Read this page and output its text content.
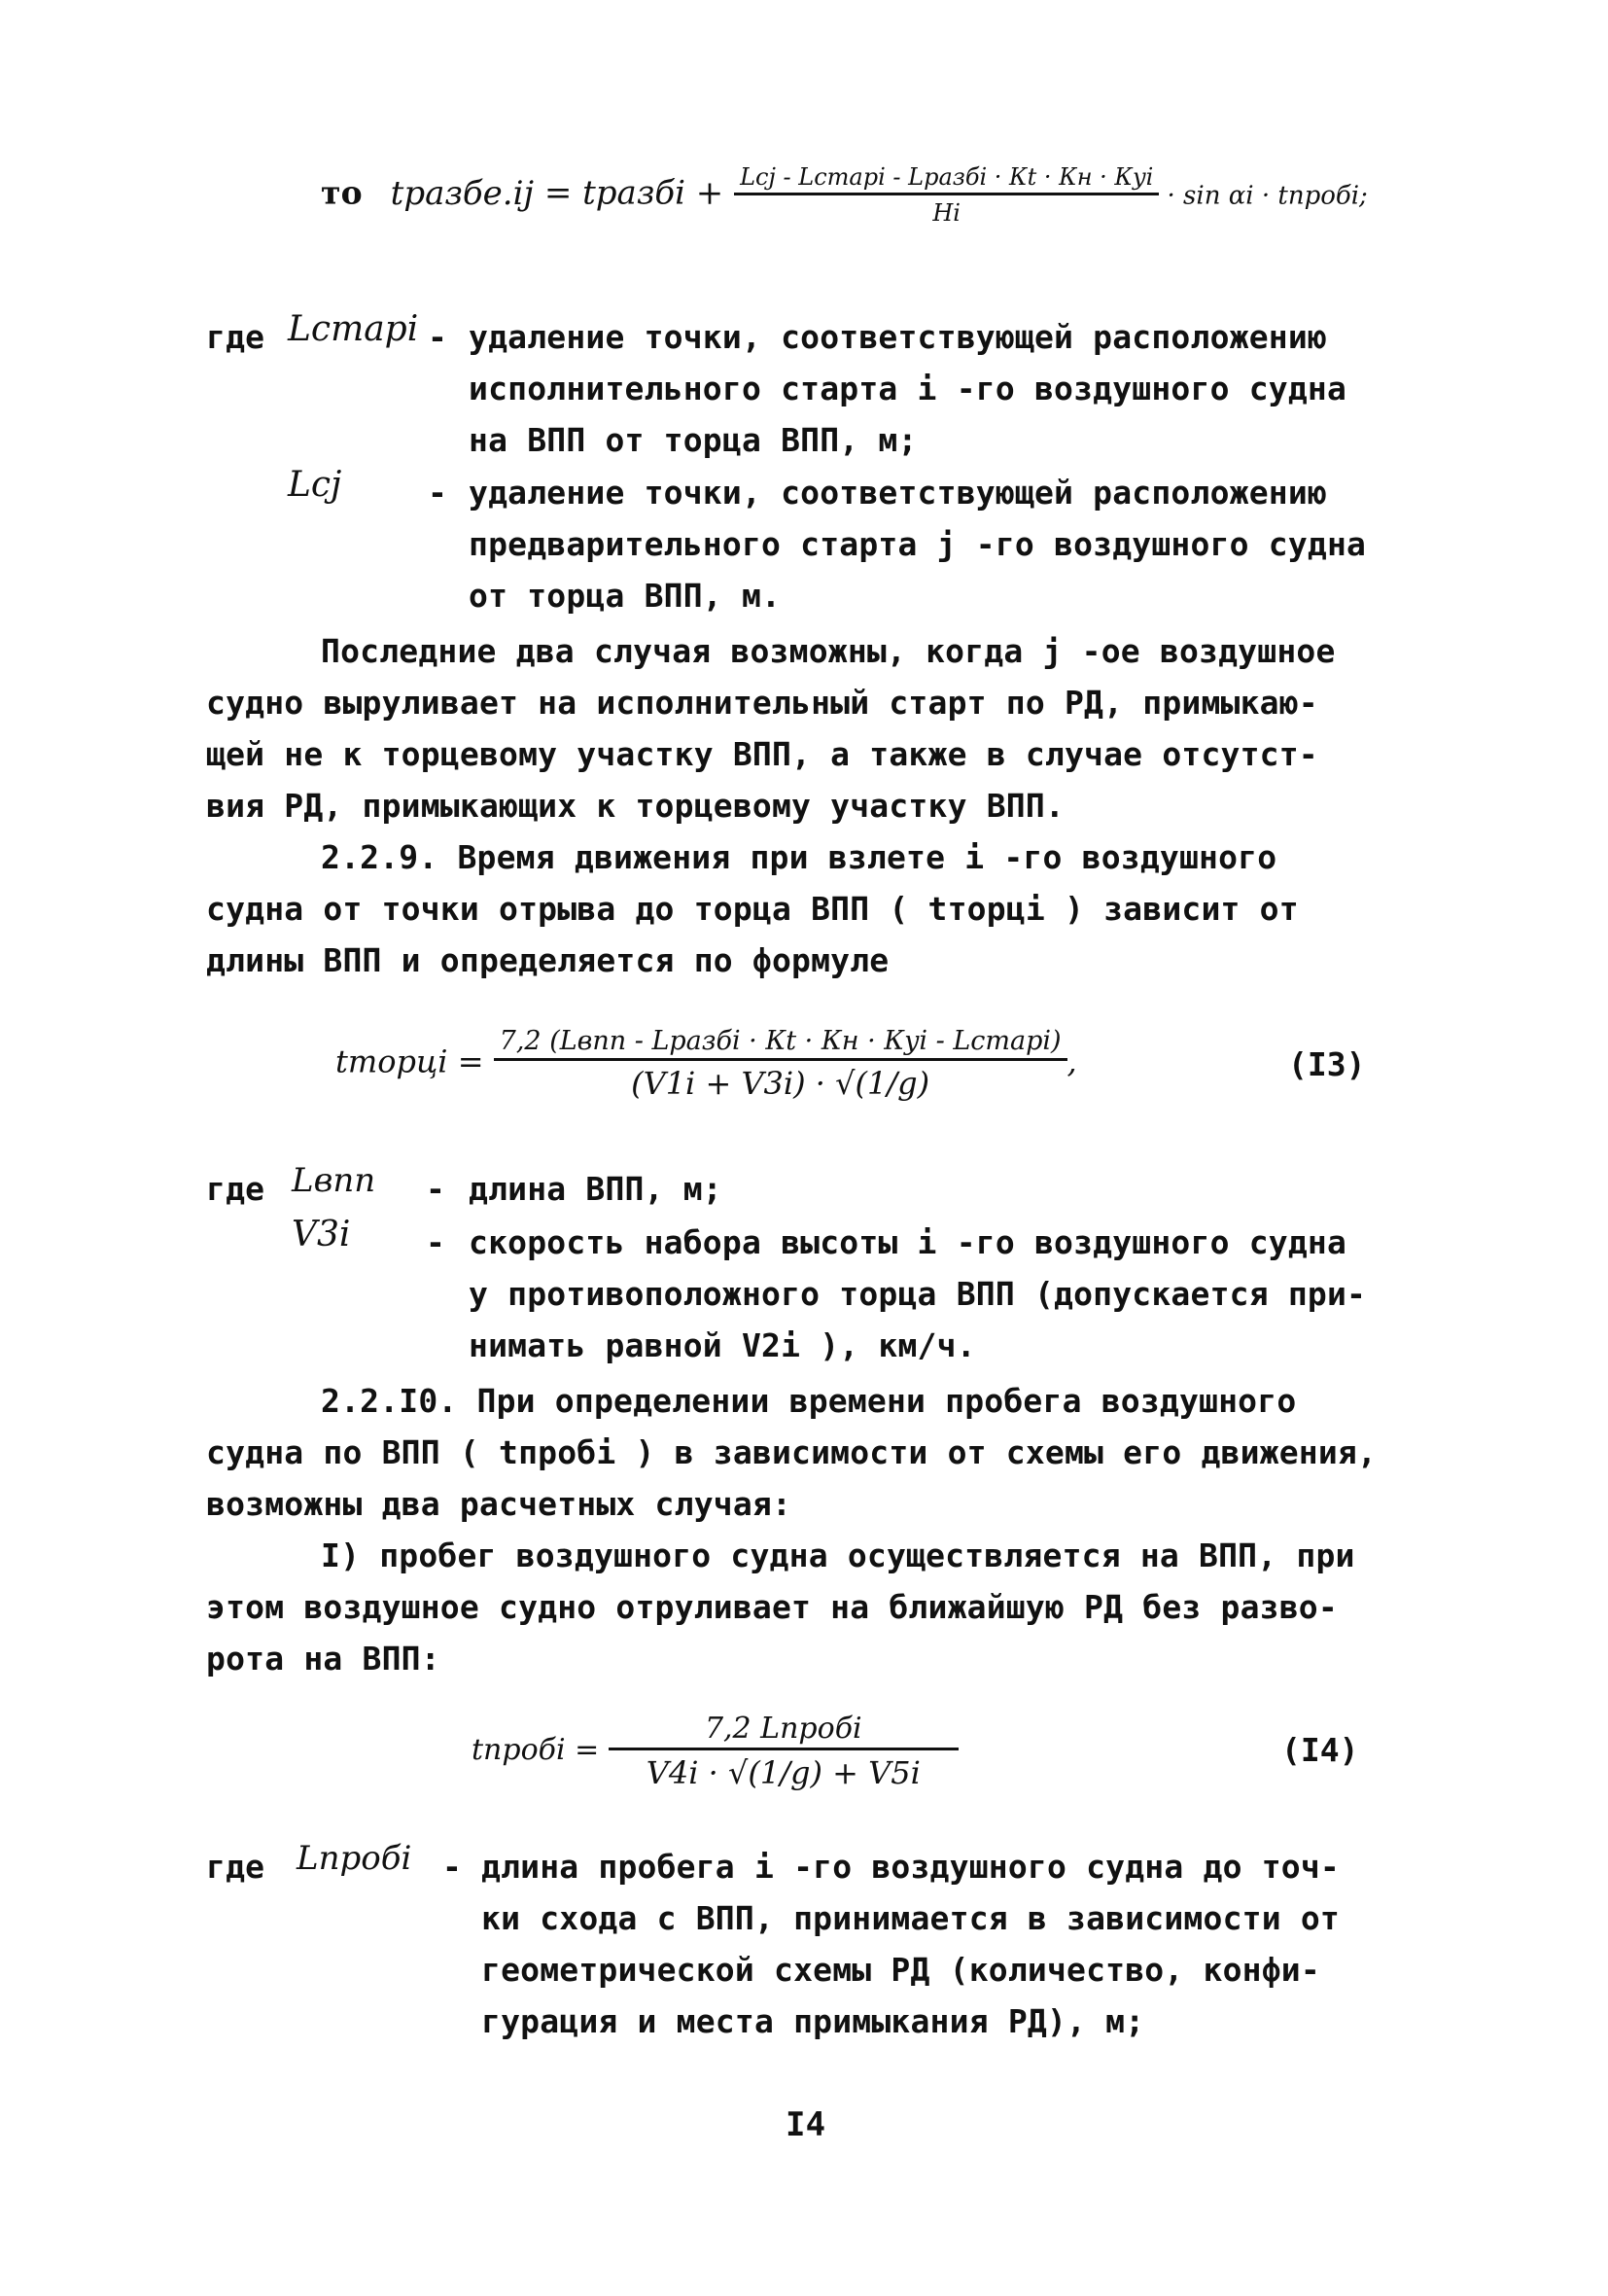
то tразбе.ij = tразбi + $\frac{\text{Lcj - Lстарi - Lразбi · Кt · Кн · Кyi}}{Hi} \cdot \sin \alpha i$ · tпробi;
где Lстарi - удаление точки, соответствующей расположению
исполнительного старта i -го воздушного судна
на ВПП от торца ВПП, м;
Lcj	- удаление точки, соответствующей расположению
предварительного старта j -го воздушного судна
от торца ВПП, м.
Последние два случая возможны, когда j -ое воздушное
судно выруливает на исполнительный старт по РД, примыкаю-
щей не к торцевому участку ВПП, а также в случае отсутст-
вия РД, примыкающих к торцевому участку ВПП.
2.2.9. Время движения при взлете i -го воздушного
судна от точки отрыва до торца ВПП ( tторцi ) зависит от
длины ВПП и определяется по формуле
tторцi = $\frac{\text{7,2 (Lвпп - Lразбi · Кt · Кн · Кyi - Lстарi)}}{(V1i + V3i) \cdot √(1/g)}$ ,	(I3)
где Lвпп - длина ВПП, м;
V3i - скорость набора высоты i -го воздушного судна
у противоположного торца ВПП (допускается при-
нимать равной V2i ), км/ч.
2.2.I0. При определении времени пробега воздушного
судна по ВПП ( tпробi ) в зависимости от схемы его движения,
возможны два расчетных случая:
I) пробег воздушного судна осуществляется на ВПП, при
этом воздушное судно отруливает на ближайшую РД без разво-
рота на ВПП:
tпробi = $\frac{\text{7,2 Lпробi}}{V4i \cdot √(1/g) + V5i}$	(I4)
где Lпробi - длина пробега i -го воздушного судна до точ-
ки схода с ВПП, принимается в зависимости от
геометрической схемы РД (количество, конфи-
гурация и места примыкания РД), м;
I4
